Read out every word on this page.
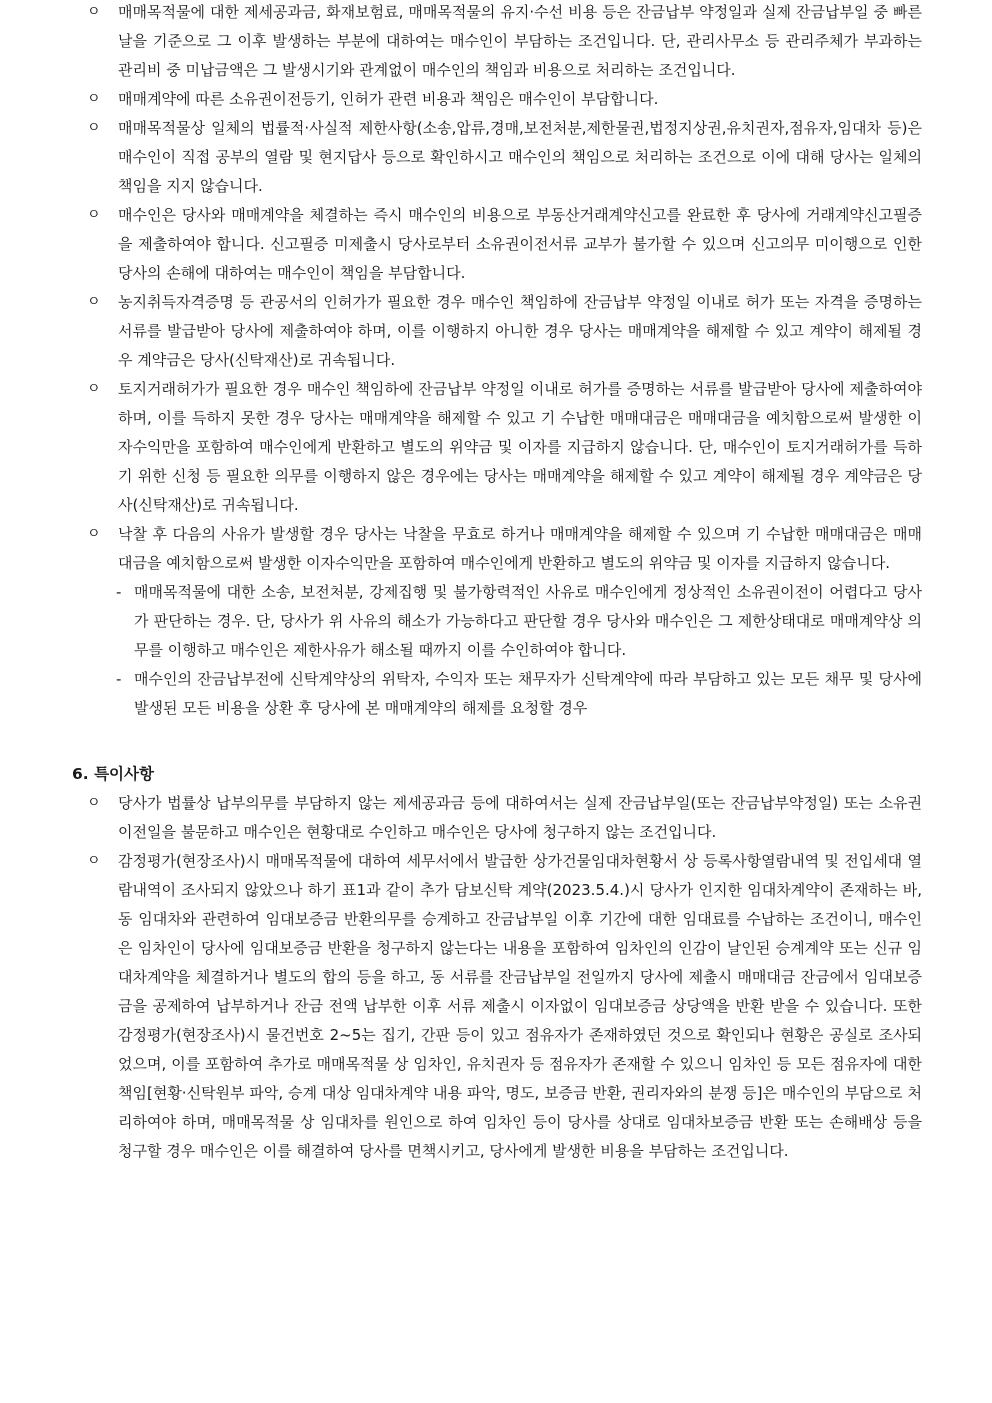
ㅇ 매매목적물에 대한 제세공과금, 화재보험료, 매매목적물의 유지·수선 비용 등은 잔금납부 약정일과 실제 잔금납부일 중 빠른 날을 기준으로 그 이후 발생하는 부분에 대하여는 매수인이 부담하는 조건입니다. 단, 관리사무소 등 관리주체가 부과하는 관리비 중 미납금액은 그 발생시기와 관계없이 매수인의 책임과 비용으로 처리하는 조건입니다.
ㅇ 매매계약에 따른 소유권이전등기, 인허가 관련 비용과 책임은 매수인이 부담합니다.
ㅇ 매매목적물상 일체의 법률적·사실적 제한사항(소송,압류,경매,보전처분,제한물권,법정지상권,유치권자,점유자,임대차 등)은 매수인이 직접 공부의 열람 및 현지답사 등으로 확인하시고 매수인의 책임으로 처리하는 조건으로 이에 대해 당사는 일체의 책임을 지지 않습니다.
ㅇ 매수인은 당사와 매매계약을 체결하는 즉시 매수인의 비용으로 부동산거래계약신고를 완료한 후 당사에 거래계약신고필증을 제출하여야 합니다. 신고필증 미제출시 당사로부터 소유권이전서류 교부가 불가할 수 있으며 신고의무 미이행으로 인한 당사의 손해에 대하여는 매수인이 책임을 부담합니다.
ㅇ 농지취득자격증명 등 관공서의 인허가가 필요한 경우 매수인 책임하에 잔금납부 약정일 이내로 허가 또는 자격을 증명하는 서류를 발급받아 당사에 제출하여야 하며, 이를 이행하지 아니한 경우 당사는 매매계약을 해제할 수 있고 계약이 해제될 경우 계약금은 당사(신탁재산)로 귀속됩니다.
ㅇ 토지거래허가가 필요한 경우 매수인 책임하에 잔금납부 약정일 이내로 허가를 증명하는 서류를 발급받아 당사에 제출하여야 하며, 이를 득하지 못한 경우 당사는 매매계약을 해제할 수 있고 기 수납한 매매대금은 매매대금을 예치함으로써 발생한 이자수익만을 포함하여 매수인에게 반환하고 별도의 위약금 및 이자를 지급하지 않습니다. 단, 매수인이 토지거래허가를 득하기 위한 신청 등 필요한 의무를 이행하지 않은 경우에는 당사는 매매계약을 해제할 수 있고 계약이 해제될 경우 계약금은 당사(신탁재산)로 귀속됩니다.
ㅇ 낙찰 후 다음의 사유가 발생할 경우 당사는 낙찰을 무효로 하거나 매매계약을 해제할 수 있으며 기 수납한 매매대금은 매매대금을 예치함으로써 발생한 이자수익만을 포함하여 매수인에게 반환하고 별도의 위약금 및 이자를 지급하지 않습니다.
- 매매목적물에 대한 소송, 보전처분, 강제집행 및 불가항력적인 사유로 매수인에게 정상적인 소유권이전이 어렵다고 당사가 판단하는 경우. 단, 당사가 위 사유의 해소가 가능하다고 판단할 경우 당사와 매수인은 그 제한상태대로 매매계약상 의무를 이행하고 매수인은 제한사유가 해소될 때까지 이를 수인하여야 합니다.
- 매수인의 잔금납부전에 신탁계약상의 위탁자, 수익자 또는 채무자가 신탁계약에 따라 부담하고 있는 모든 채무 및 당사에 발생된 모든 비용을 상환 후 당사에 본 매매계약의 해제를 요청할 경우
6. 특이사항
ㅇ 당사가 법률상 납부의무를 부담하지 않는 제세공과금 등에 대하여서는 실제 잔금납부일(또는 잔금납부약정일) 또는 소유권이전일을 불문하고 매수인은 현황대로 수인하고 매수인은 당사에 청구하지 않는 조건입니다.
ㅇ 감정평가(현장조사)시 매매목적물에 대하여 세무서에서 발급한 상가건물임대차현황서 상 등록사항열람내역 및 전입세대 열람내역이 조사되지 않았으나 하기 표1과 같이 추가 담보신탁 계약(2023.5.4.)시 당사가 인지한 임대차계약이 존재하는 바, 동 임대차와 관련하여 임대보증금 반환의무를 승계하고 잔금납부일 이후 기간에 대한 임대료를 수납하는 조건이니, 매수인은 임차인이 당사에 임대보증금 반환을 청구하지 않는다는 내용을 포함하여 임차인의 인감이 날인된 승계계약 또는 신규 임대차계약을 체결하거나 별도의 합의 등을 하고, 동 서류를 잔금납부일 전일까지 당사에 제출시 매매대금 잔금에서 임대보증금을 공제하여 납부하거나 잔금 전액 납부한 이후 서류 제출시 이자없이 임대보증금 상당액을 반환 받을 수 있습니다. 또한 감정평가(현장조사)시 물건번호 2~5는 집기, 간판 등이 있고 점유자가 존재하였던 것으로 확인되나 현황은 공실로 조사되었으며, 이를 포함하여 추가로 매매목적물 상 임차인, 유치권자 등 점유자가 존재할 수 있으니 임차인 등 모든 점유자에 대한 책임[현황·신탁원부 파악, 승계 대상 임대차계약 내용 파악, 명도, 보증금 반환, 권리자와의 분쟁 등]은 매수인의 부담으로 처리하여야 하며, 매매목적물 상 임대차를 원인으로 하여 임차인 등이 당사를 상대로 임대차보증금 반환 또는 손해배상 등을 청구할 경우 매수인은 이를 해결하여 당사를 면책시키고, 당사에게 발생한 비용을 부담하는 조건입니다.
